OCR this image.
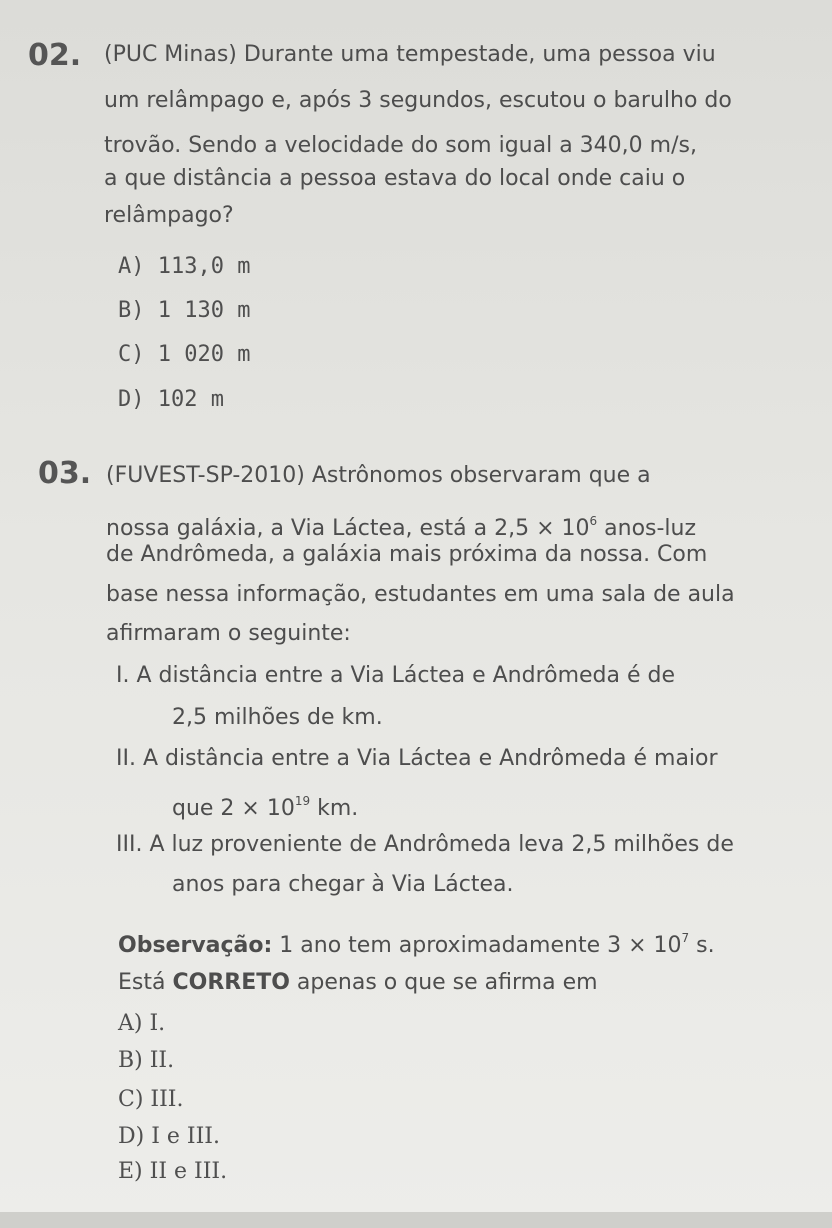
02. (PUC Minas) Durante uma tempestade, uma pessoa viu
um relâmpago e, após 3 segundos, escutou o barulho do
trovão. Sendo a velocidade do som igual a 340,0 m/s,
a que distância a pessoa estava do local onde caiu o
relâmpago?
A) 113,0 m
B) 1 130 m
C) 1 020 m
D) 102 m
03. (FUVEST-SP-2010) Astrônomos observaram que a
nossa galáxia, a Via Láctea, está a $2,5 \times 10^6$ anos-luz
de Andrômeda, a galáxia mais próxima da nossa. Com
base nessa informação, estudantes em uma sala de aula
afirmaram o seguinte:
I. A distância entre a Via Láctea e Andrômeda é de
2,5 milhões de km.
II. A distância entre a Via Láctea e Andrômeda é maior
que $2 \times 10^{19}$ km.
III. A luz proveniente de Andrômeda leva 2,5 milhões de
anos para chegar à Via Láctea.
Observação: 1 ano tem aproximadamente $3 \times 10^7$ s.
Está CORRETO apenas o que se afirma em
A) I.
B) II.
C) III.
D) I e III.
E) II e III.
